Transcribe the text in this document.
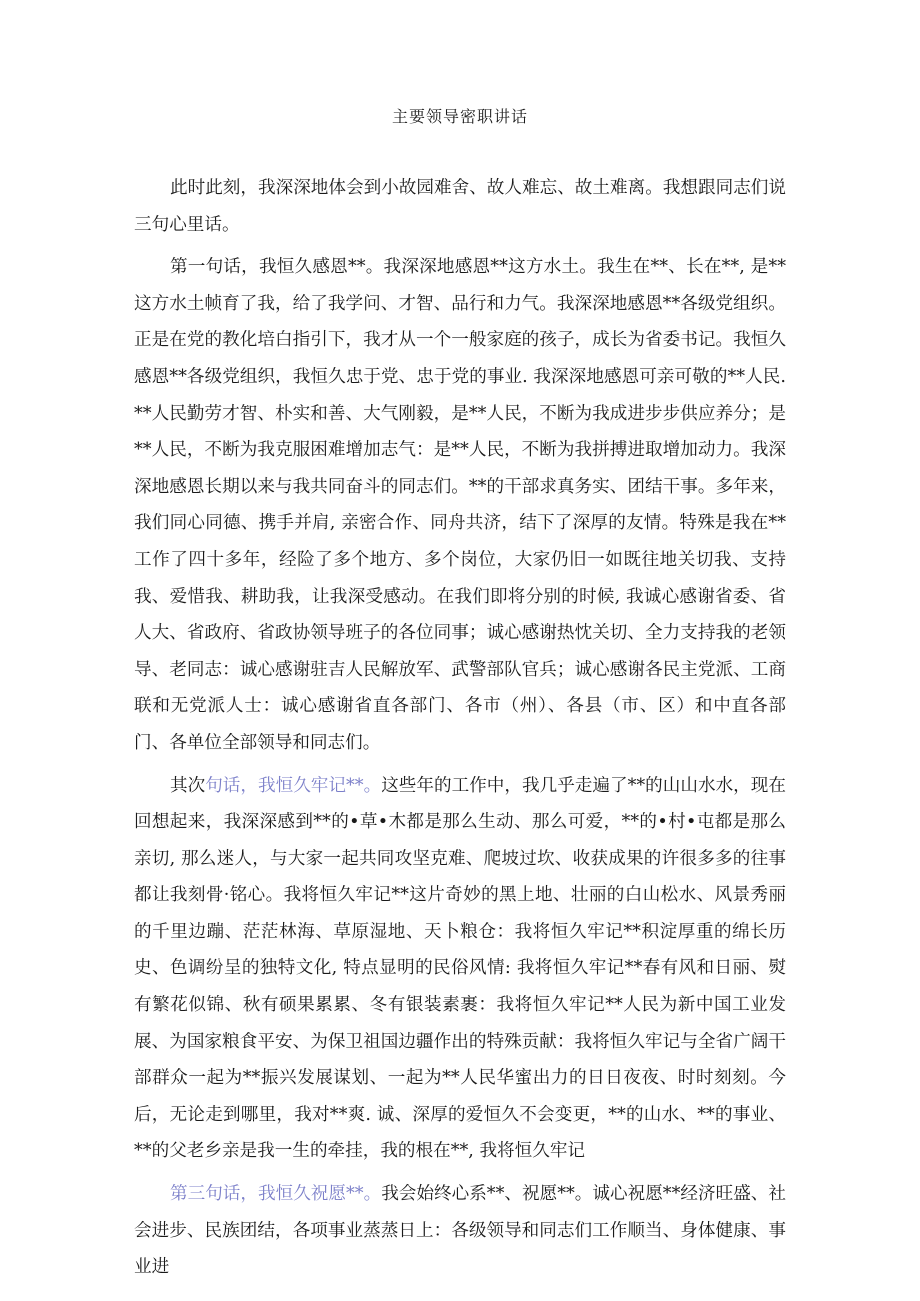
主要领导密职讲话

此时此刻，我深深地体会到小故园难舍、故人难忘、故土难离。我想跟同志们说三句心里话。

第一句话，我恒久感恩**。我深深地感恩**这方水土。我生在**、长在**, 是**这方水土帧育了我，给了我学问、才智、品行和力气。我深深地感恩**各级党组织。正是在党的教化培白指引下，我才从一个一般家庭的孩子，成长为省委书记。我恒久感恩**各级党组织，我恒久忠于党、忠于党的事业. 我深深地感恩可亲可敬的**人民. **人民勤劳才智、朴实和善、大气刚毅，是**人民，不断为我成进步步供应养分；是**人民，不断为我克服困难增加志气：是**人民，不断为我拼搏进取增加动力。我深深地感恩长期以来与我共同奋斗的同志们。**的干部求真务实、团结干事。多年来，我们同心同德、携手并肩, 亲密合作、同舟共济，结下了深厚的友情。特殊是我在**工作了四十多年，经险了多个地方、多个岗位，大家仍旧一如既往地关切我、支持我、爱惜我、耕助我，让我深受感动。在我们即将分别的时候, 我诚心感谢省委、省人大、省政府、省政协领导班子的各位同事；诚心感谢热忱关切、全力支持我的老领导、老同志：诚心感谢驻吉人民解放军、武警部队官兵；诚心感谢各民主党派、工商联和无党派人士：诚心感谢省直各部门、各市（州）、各县（市、区）和中直各部门、各单位全部领导和同志们。

其次句话，我恒久牢记**。这些年的工作中，我几乎走遍了**的山山水水，现在回想起来，我深深感到**的•草•木都是那么生动、那么可爱，**的•村•屯都是那么亲切, 那么迷人，与大家一起共同攻坚克难、爬坡过坎、收获成果的许很多多的往事都让我刻骨·铭心。我将恒久牢记**这片奇妙的黑上地、壮丽的白山松水、风景秀丽的千里边蹦、茫茫林海、草原湿地、天卜粮仓：我将恒久牢记**积淀厚重的绵长历史、色调纷呈的独特文化, 特点显明的民俗风情: 我将恒久牢记**春有风和日丽、熨有繁花似锦、秋有硕果累累、冬有银装素裹：我将恒久牢记**人民为新中国工业发展、为国家粮食平安、为保卫祖国边疆作出的特殊贡献：我将恒久牢记与全省广阔干部群众一起为**振兴发展谋划、一起为**人民华蜜出力的日日夜夜、时时刻刻。今后，无论走到哪里，我对**爽. 诚、深厚的爱恒久不会变更，**的山水、**的事业、**的父老乡亲是我一生的牵挂，我的根在**, 我将恒久牢记

第三句话，我恒久祝愿**。我会始终心系**、祝愿**。诚心祝愿**经济旺盛、社会进步、民族团结，各项事业蒸蒸日上：各级领导和同志们工作顺当、身体健康、事业进
